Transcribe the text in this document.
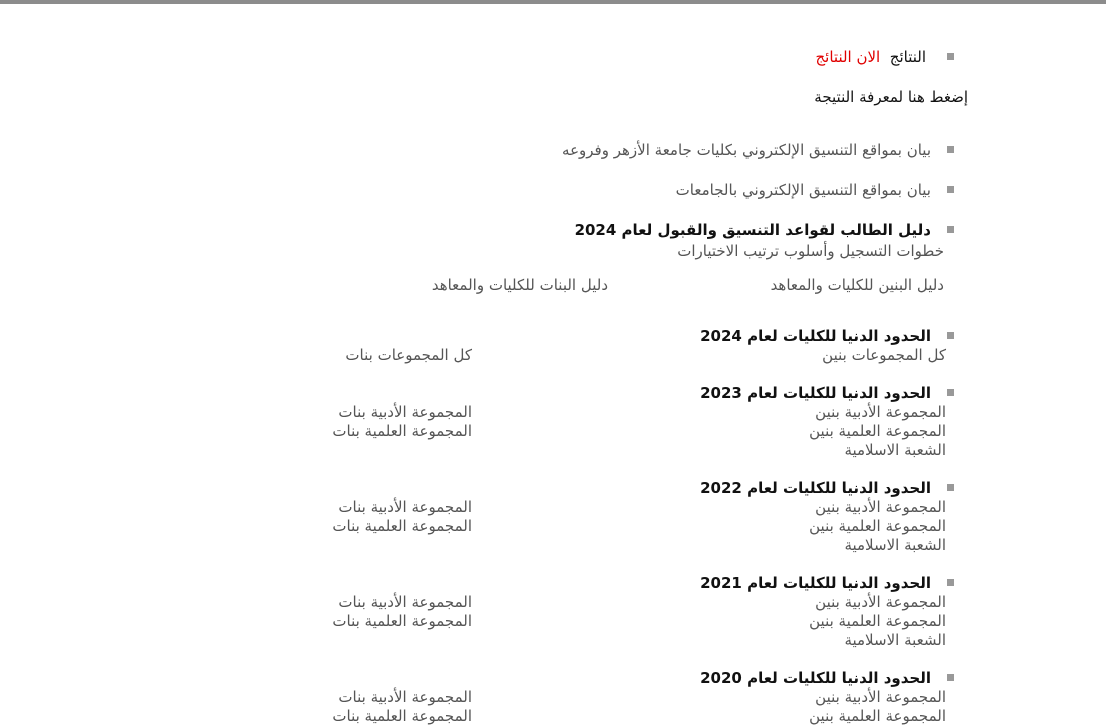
النتائج  الان النتائج
إضغط هنا لمعرفة النتيجة
بيان بمواقع التنسيق الإلكتروني بكليات جامعة الأزهر وفروعه
بيان بمواقع التنسيق الإلكتروني بالجامعات
دليل الطالب لقواعد التنسيق والقبول لعام 2024
خطوات التسجيل وأسلوب ترتيب الاختيارات
دليل البنين للكليات والمعاهد
دليل البنات للكليات والمعاهد
الحدود الدنيا للكليات لعام 2024
كل المجموعات بنين
كل المجموعات بنات
الحدود الدنيا للكليات لعام 2023
المجموعة الأدبية بنين
المجموعة العلمية بنين
الشعبة الاسلامية
المجموعة الأدبية بنات
المجموعة العلمية بنات
الحدود الدنيا للكليات لعام 2022
المجموعة الأدبية بنين
المجموعة العلمية بنين
الشعبة الاسلامية
المجموعة الأدبية بنات
المجموعة العلمية بنات
الحدود الدنيا للكليات لعام 2021
المجموعة الأدبية بنين
المجموعة العلمية بنين
الشعبة الاسلامية
المجموعة الأدبية بنات
المجموعة العلمية بنات
الحدود الدنيا للكليات لعام 2020
المجموعة الأدبية بنين
المجموعة العلمية بنين
المجموعة الأدبية بنات
المجموعة العلمية بنات
